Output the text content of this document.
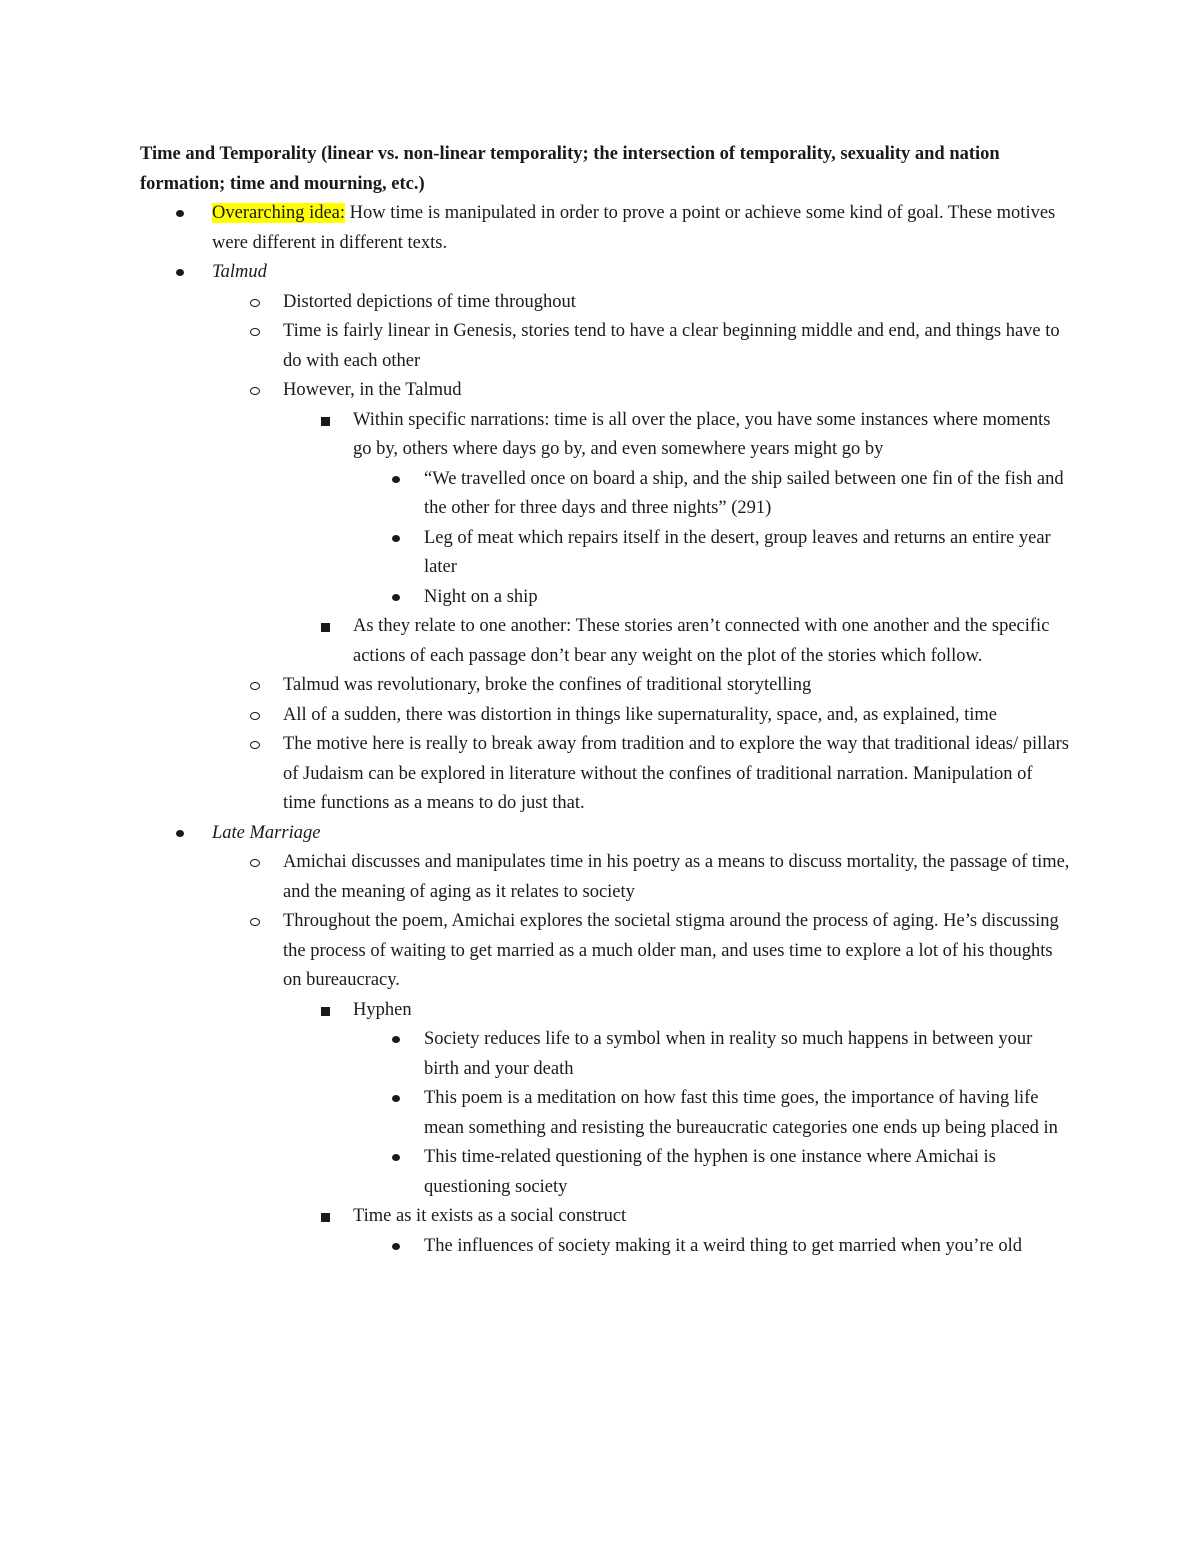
Time and Temporality (linear vs. non-linear temporality; the intersection of temporality, sexuality and nation formation; time and mourning, etc.)

Overarching idea: How time is manipulated in order to prove a point or achieve some kind of goal. These motives were different in different texts.
Talmud
Distorted depictions of time throughout
Time is fairly linear in Genesis, stories tend to have a clear beginning middle and end, and things have to do with each other
However, in the Talmud
Within specific narrations: time is all over the place, you have some instances where moments go by, others where days go by, and even somewhere years might go by
“We travelled once on board a ship, and the ship sailed between one fin of the fish and the other for three days and three nights” (291)
Leg of meat which repairs itself in the desert, group leaves and returns an entire year later
Night on a ship
As they relate to one another: These stories aren’t connected with one another and the specific actions of each passage don’t bear any weight on the plot of the stories which follow.
Talmud was revolutionary, broke the confines of traditional storytelling
All of a sudden, there was distortion in things like supernaturality, space, and, as explained, time
The motive here is really to break away from tradition and to explore the way that traditional ideas/ pillars of Judaism can be explored in literature without the confines of traditional narration. Manipulation of time functions as a means to do just that.
Late Marriage
Amichai discusses and manipulates time in his poetry as a means to discuss mortality, the passage of time, and the meaning of aging as it relates to society
Throughout the poem, Amichai explores the societal stigma around the process of aging. He’s discussing the process of waiting to get married as a much older man, and uses time to explore a lot of his thoughts on bureaucracy.
Hyphen
Society reduces life to a symbol when in reality so much happens in between your birth and your death
This poem is a meditation on how fast this time goes, the importance of having life mean something and resisting the bureaucratic categories one ends up being placed in
This time-related questioning of the hyphen is one instance where Amichai is questioning society
Time as it exists as a social construct
The influences of society making it a weird thing to get married when you’re old
